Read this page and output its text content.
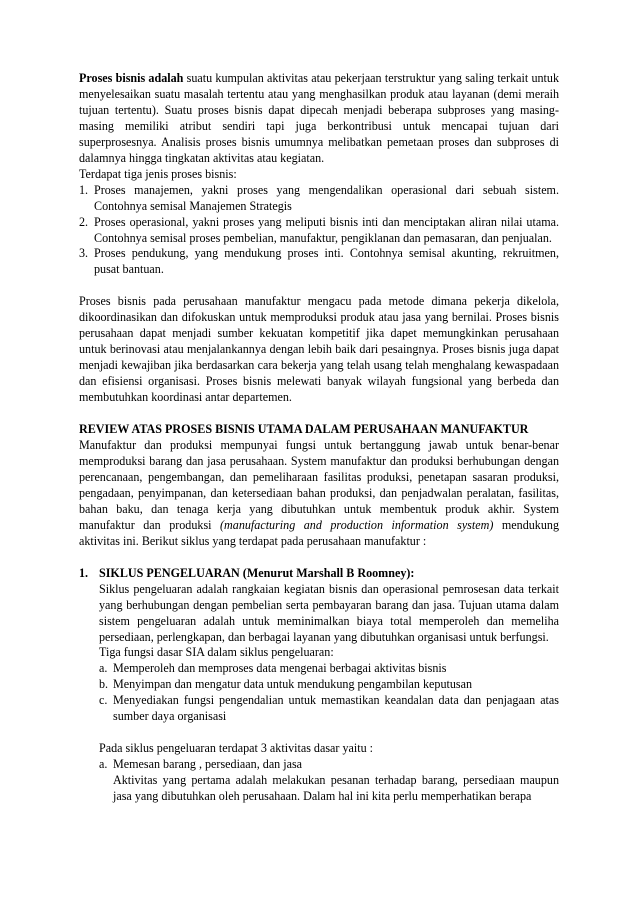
Proses bisnis adalah suatu kumpulan aktivitas atau pekerjaan terstruktur yang saling terkait untuk menyelesaikan suatu masalah tertentu atau yang menghasilkan produk atau layanan (demi meraih tujuan tertentu). Suatu proses bisnis dapat dipecah menjadi beberapa subproses yang masing-masing memiliki atribut sendiri tapi juga berkontribusi untuk mencapai tujuan dari superprosesnya. Analisis proses bisnis umumnya melibatkan pemetaan proses dan subproses di dalamnya hingga tingkatan aktivitas atau kegiatan.

Terdapat tiga jenis proses bisnis:

1. Proses manajemen, yakni proses yang mengendalikan operasional dari sebuah sistem. Contohnya semisal Manajemen Strategis
2. Proses operasional, yakni proses yang meliputi bisnis inti dan menciptakan aliran nilai utama. Contohnya semisal proses pembelian, manufaktur, pengiklanan dan pemasaran, dan penjualan.
3. Proses pendukung, yang mendukung proses inti. Contohnya semisal akunting, rekruitmen, pusat bantuan.

Proses bisnis pada perusahaan manufaktur mengacu pada metode dimana pekerja dikelola, dikoordinasikan dan difokuskan untuk memproduksi produk atau jasa yang bernilai. Proses bisnis perusahaan dapat menjadi sumber kekuatan kompetitif jika dapet memungkinkan perusahaan untuk berinovasi atau menjalankannya dengan lebih baik dari pesaingnya. Proses bisnis juga dapat menjadi kewajiban jika berdasarkan cara bekerja yang telah usang telah menghalang kewaspadaan dan efisiensi organisasi. Proses bisnis melewati banyak wilayah fungsional yang berbeda dan membutuhkan koordinasi antar departemen.

REVIEW ATAS PROSES BISNIS UTAMA DALAM PERUSAHAAN MANUFAKTUR

Manufaktur dan produksi mempunyai fungsi untuk bertanggung jawab untuk benar-benar memproduksi barang dan jasa perusahaan. System manufaktur dan produksi berhubungan dengan perencanaan, pengembangan, dan pemeliharaan fasilitas produksi, penetapan sasaran produksi, pengadaan, penyimpanan, dan ketersediaan bahan produksi, dan penjadwalan peralatan, fasilitas, bahan baku, dan tenaga kerja yang dibutuhkan untuk membentuk produk akhir. System manufaktur dan produksi (manufacturing and production information system) mendukung aktivitas ini. Berikut siklus yang terdapat pada perusahaan manufaktur :

1. SIKLUS PENGELUARAN (Menurut Marshall B Roomney):

Siklus pengeluaran adalah rangkaian kegiatan bisnis dan operasional pemrosesan data terkait yang berhubungan dengan pembelian serta pembayaran barang dan jasa. Tujuan utama dalam sistem pengeluaran adalah untuk meminimalkan biaya total memperoleh dan memeliha persediaan, perlengkapan, dan berbagai layanan yang dibutuhkan organisasi untuk berfungsi.

Tiga fungsi dasar SIA dalam siklus pengeluaran:

a. Memperoleh dan memproses data mengenai berbagai aktivitas bisnis
b. Menyimpan dan mengatur data untuk mendukung pengambilan keputusan
c. Menyediakan fungsi pengendalian untuk memastikan keandalan data dan penjagaan atas sumber daya organisasi

Pada siklus pengeluaran terdapat 3 aktivitas dasar yaitu :

a. Memesan barang , persediaan, dan jasa

Aktivitas yang pertama adalah melakukan pesanan terhadap barang, persediaan maupun jasa yang dibutuhkan oleh perusahaan. Dalam hal ini kita perlu memperhatikan berapa
